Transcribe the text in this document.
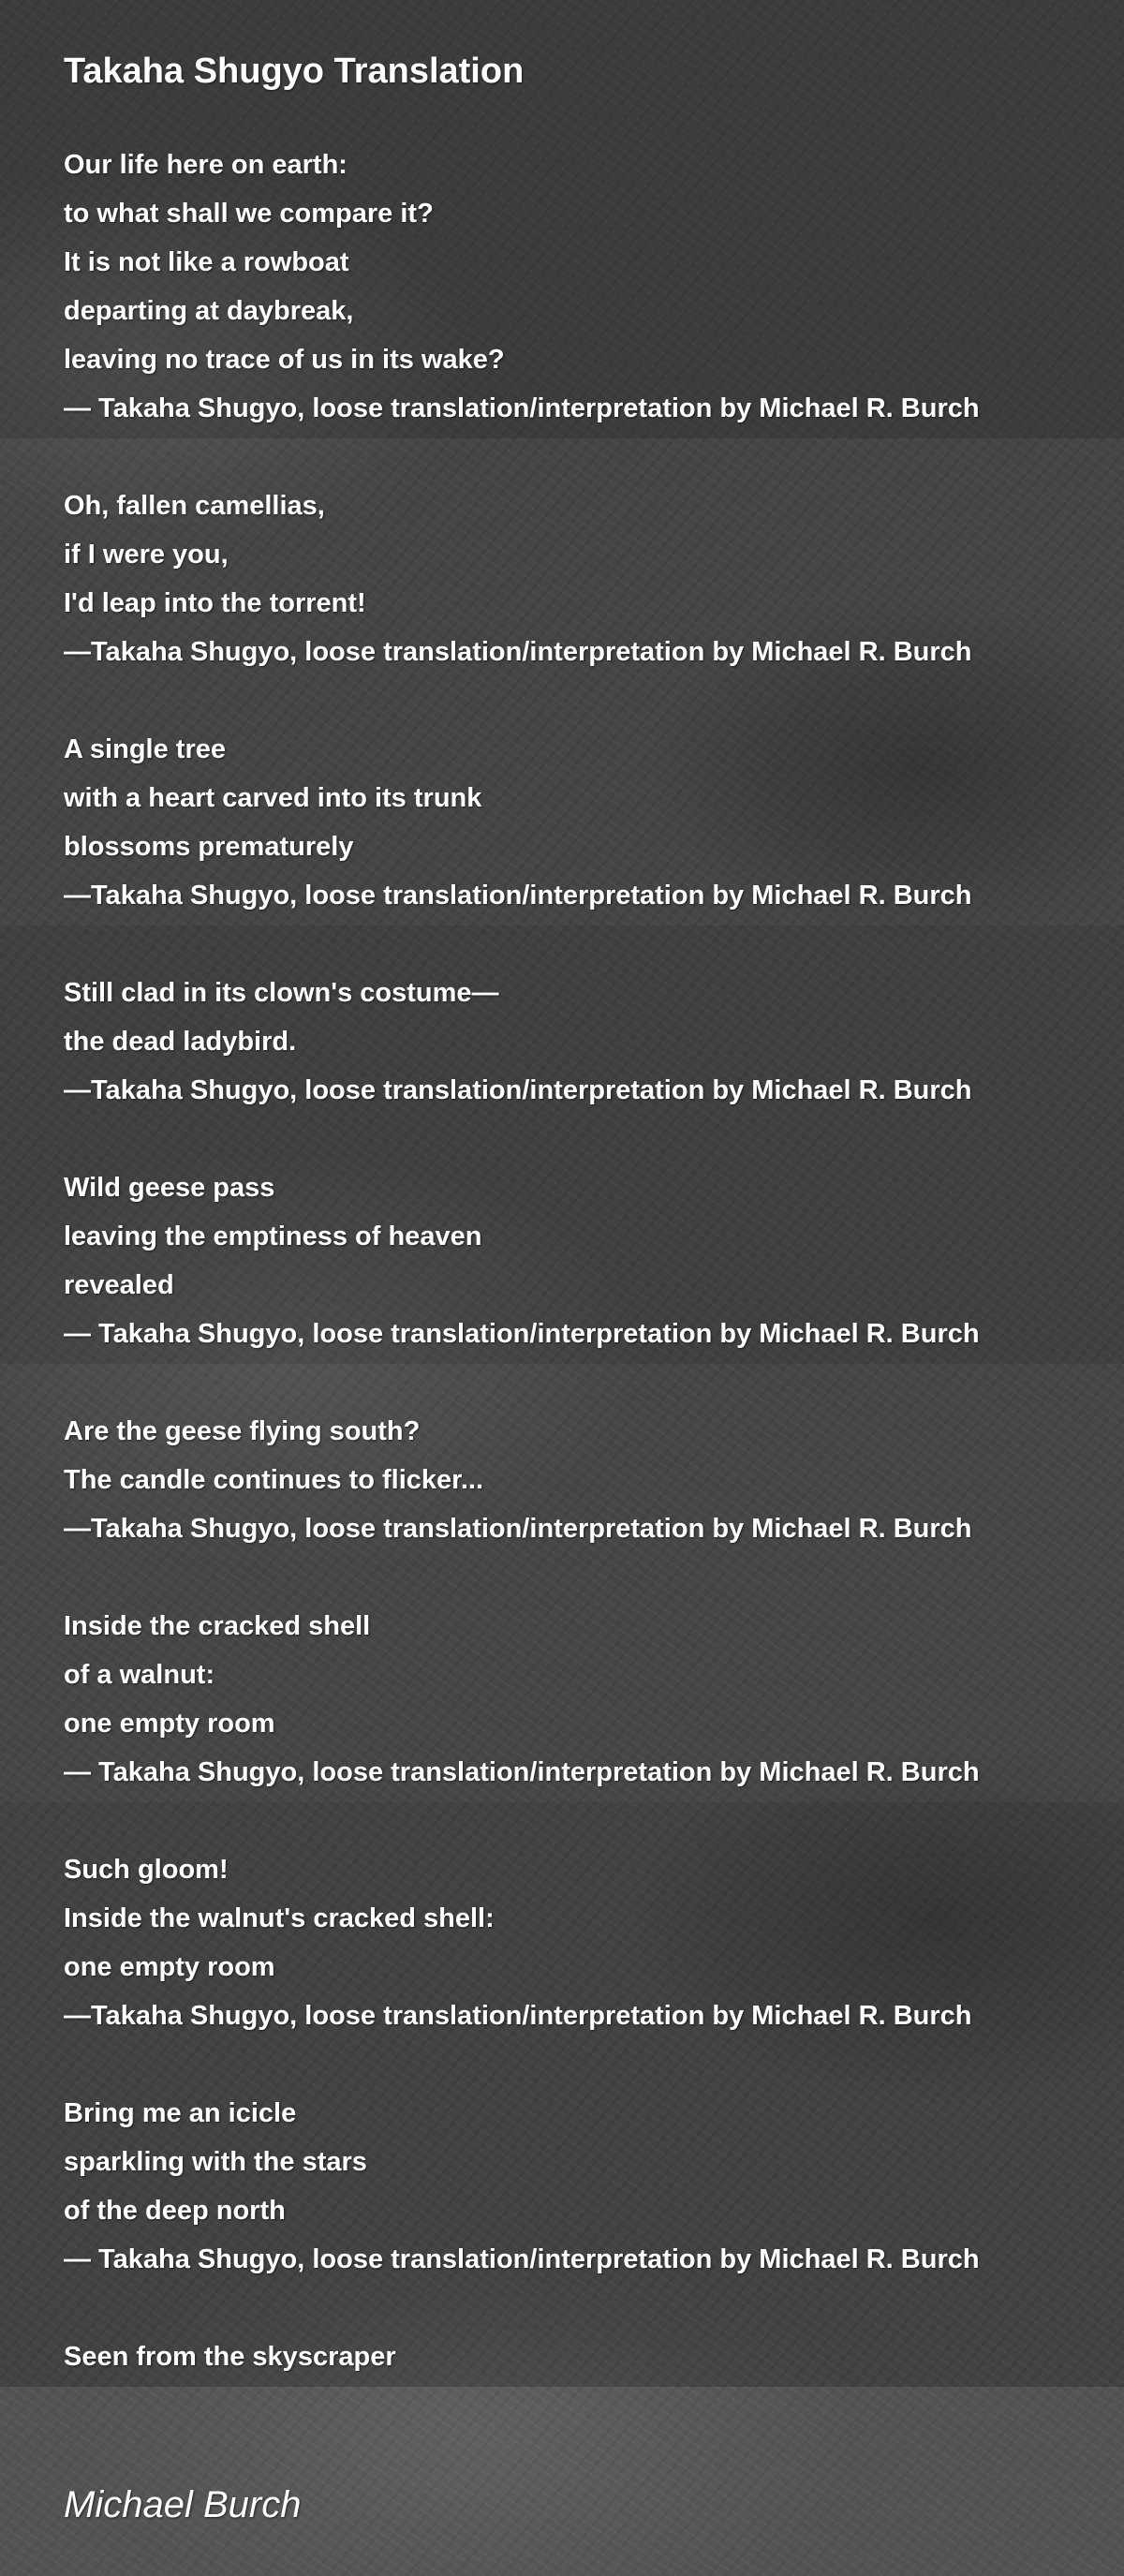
Takaha Shugyo Translation
Our life here on earth:
to what shall we compare it?
It is not like a rowboat
departing at daybreak,
leaving no trace of us in its wake?
— Takaha Shugyo, loose translation/interpretation by Michael R. Burch
Oh, fallen camellias,
if I were you,
I'd leap into the torrent!
—Takaha Shugyo, loose translation/interpretation by Michael R. Burch
A single tree
with a heart carved into its trunk
blossoms prematurely
—Takaha Shugyo, loose translation/interpretation by Michael R. Burch
Still clad in its clown's costume—
the dead ladybird.
—Takaha Shugyo, loose translation/interpretation by Michael R. Burch
Wild geese pass
leaving the emptiness of heaven
revealed
— Takaha Shugyo, loose translation/interpretation by Michael R. Burch
Are the geese flying south?
The candle continues to flicker...
—Takaha Shugyo, loose translation/interpretation by Michael R. Burch
Inside the cracked shell
of a walnut:
one empty room
— Takaha Shugyo, loose translation/interpretation by Michael R. Burch
Such gloom!
Inside the walnut's cracked shell:
one empty room
—Takaha Shugyo, loose translation/interpretation by Michael R. Burch
Bring me an icicle
sparkling with the stars
of the deep north
— Takaha Shugyo, loose translation/interpretation by Michael R. Burch
Seen from the skyscraper
Michael Burch
